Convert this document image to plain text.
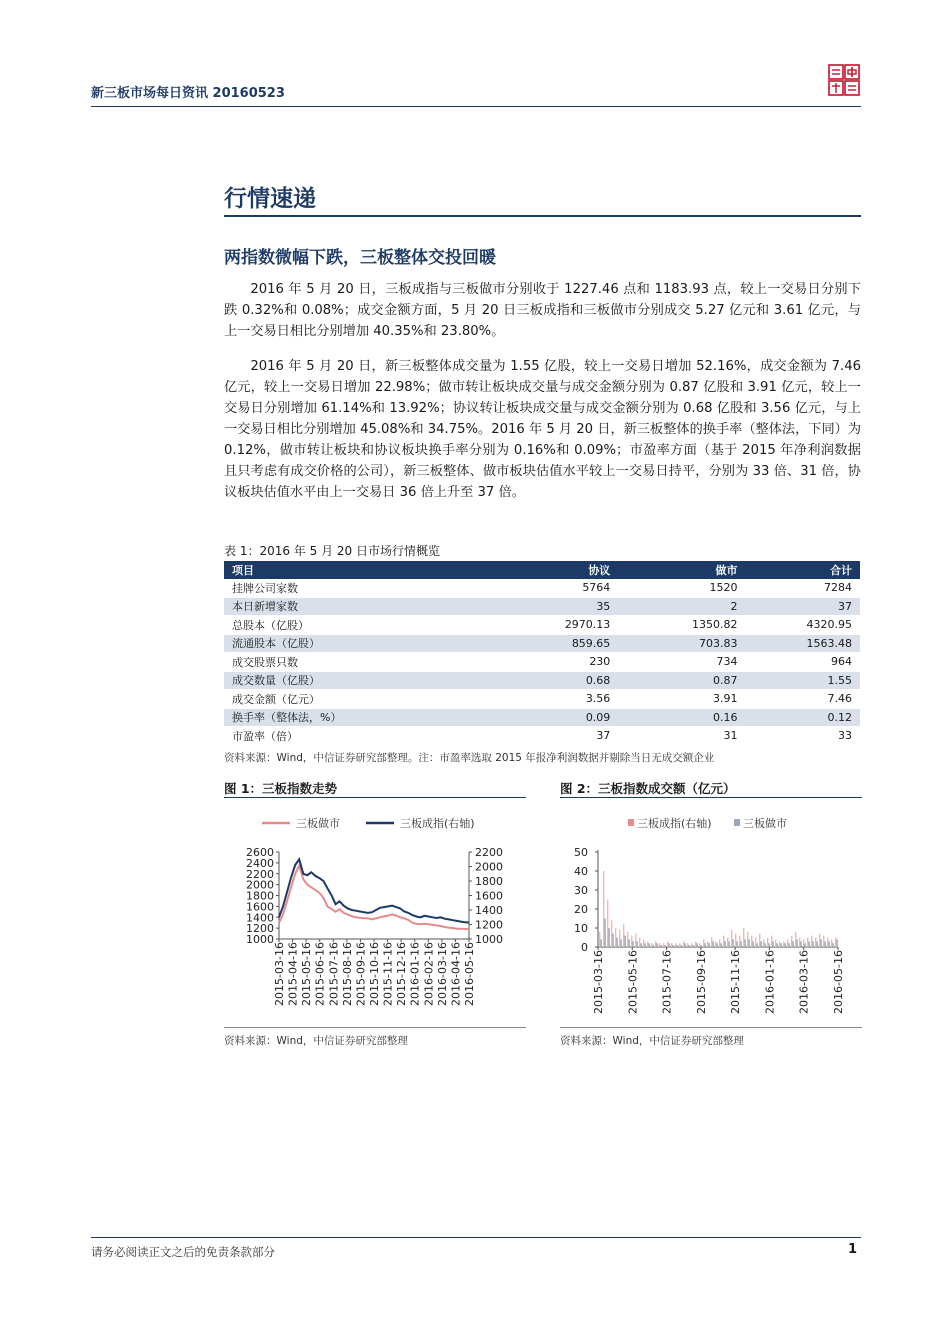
新三板市场每日资讯 20160523
行情速递
两指数微幅下跌，三板整体交投回暖
2016 年 5 月 20 日，三板成指与三板做市分别收于 1227.46 点和 1183.93 点，较上一交易日分别下跌 0.32%和 0.08%；成交金额方面，5 月 20 日三板成指和三板做市分别成交 5.27 亿元和 3.61 亿元，与上一交易日相比分别增加 40.35%和 23.80%。
2016 年 5 月 20 日，新三板整体成交量为 1.55 亿股，较上一交易日增加 52.16%，成交金额为 7.46 亿元，较上一交易日增加 22.98%；做市转让板块成交量与成交金额分别为 0.87 亿股和 3.91 亿元，较上一交易日分别增加 61.14%和 13.92%；协议转让板块成交量与成交金额分别为 0.68 亿股和 3.56 亿元，与上一交易日相比分别增加 45.08%和 34.75%。2016 年 5 月 20 日，新三板整体的换手率（整体法，下同）为 0.12%，做市转让板块和协议板块换手率分别为 0.16%和 0.09%；市盈率方面（基于 2015 年净利润数据且只考虑有成交价格的公司），新三板整体、做市板块估值水平较上一交易日持平，分别为 33 倍、31 倍，协议板块估值水平由上一交易日 36 倍上升至 37 倍。
表 1：2016 年 5 月 20 日市场行情概览
项目	协议	做市	合计
挂牌公司家数	5764	1520	7284
本日新增家数	35	2	37
总股本（亿股）	2970.13	1350.82	4320.95
流通股本（亿股）	859.65	703.83	1563.48
成交股票只数	230	734	964
成交数量（亿股）	0.68	0.87	1.55
成交金额（亿元）	3.56	3.91	7.46
换手率（整体法，%）	0.09	0.16	0.12
市盈率（倍）	37	31	33
资料来源：Wind，中信证券研究部整理。注：市盈率选取 2015 年报净利润数据并剔除当日无成交额企业
图 1：三板指数走势
三板做市	三板成指(右轴)
1000
1200
1400
1600
1800
2000
2200
2400
2600
1000
1200
1400
1600
1800
2000
2200
2015-03-16 2015-04-16 2015-05-16 2015-06-16 2015-07-16 2015-08-16 2015-09-16 2015-10-16 2015-11-16 2015-12-16 2016-01-16 2016-02-16 2016-03-16 2016-04-16 2016-05-16
资料来源：Wind，中信证券研究部整理
图 2：三板指数成交额（亿元）
三板成指(右轴)	三板做市
0
10
20
30
40
50
2015-03-16 2015-05-16 2015-07-16 2015-09-16 2015-11-16 2016-01-16 2016-03-16 2016-05-16
资料来源：Wind，中信证券研究部整理
请务必阅读正文之后的免责条款部分	1
